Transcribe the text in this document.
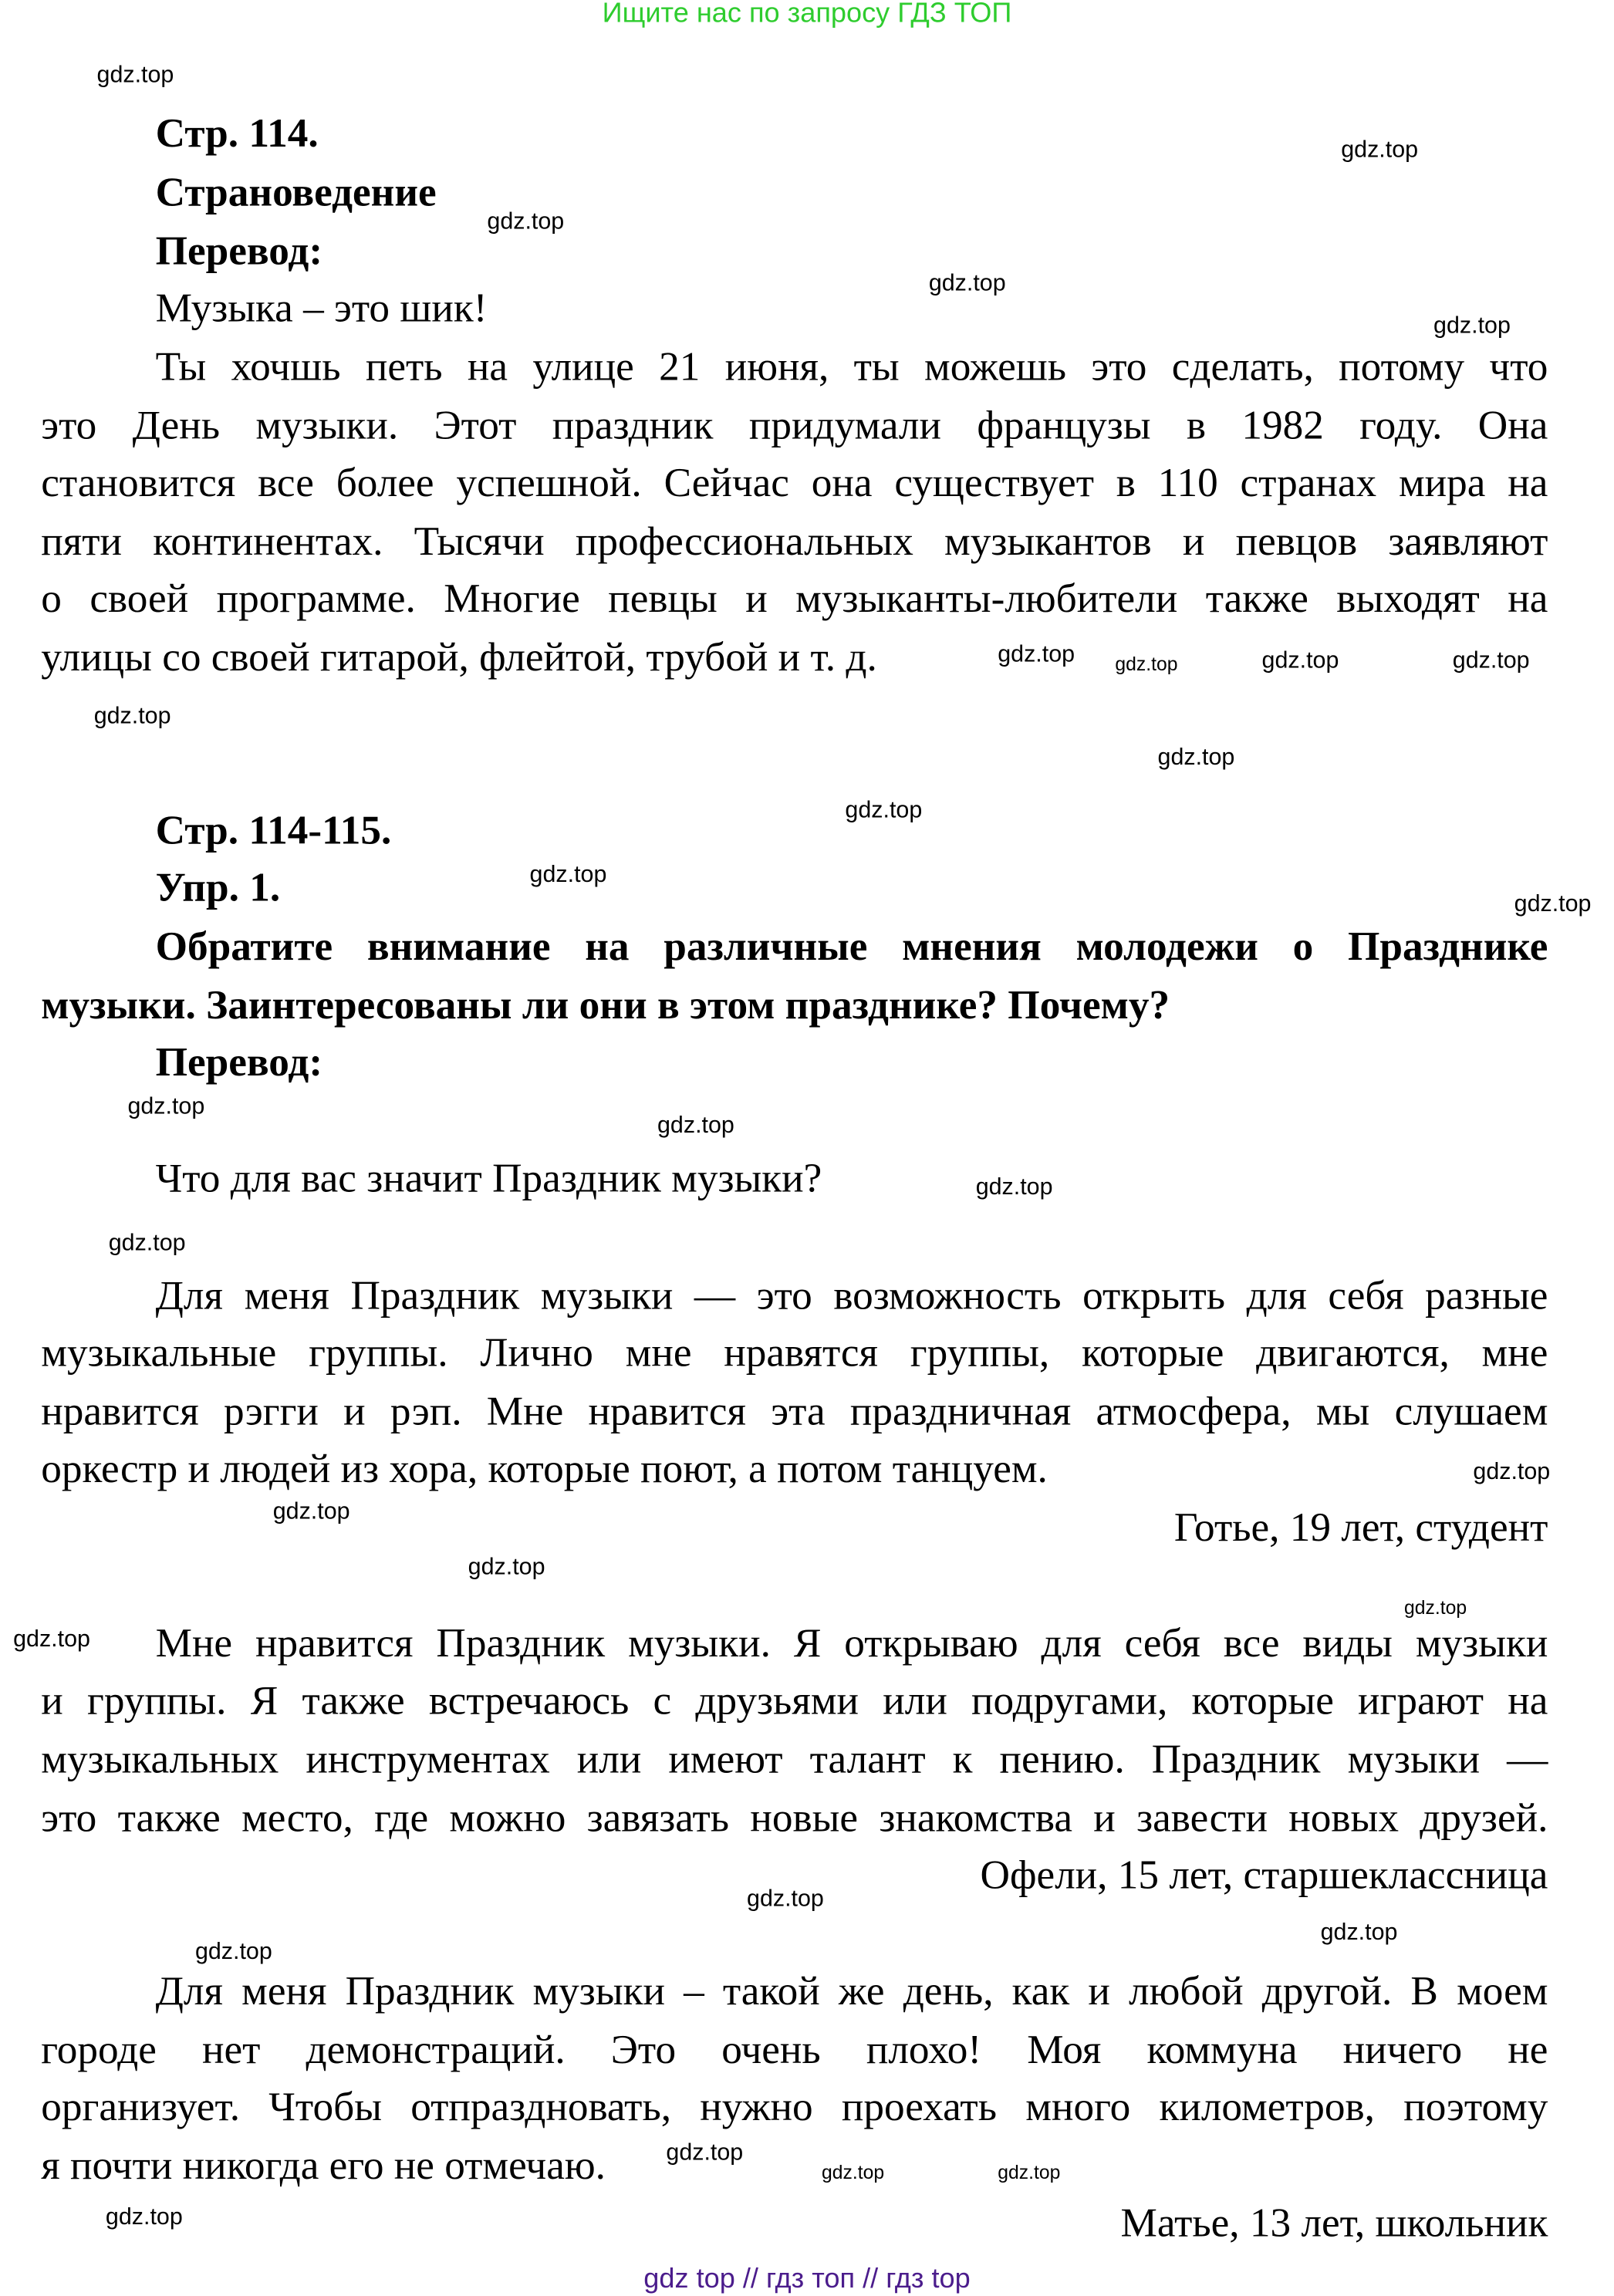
Ищите нас по запросу ГДЗ ТОП
Стр. 114.
Страноведение
Перевод:
Музыка – это шик!
Ты хочшь петь на улице 21 июня, ты можешь это сделать, потому что
это День музыки. Этот праздник придумали французы в 1982 году. Она
становится все более успешной. Сейчас она существует в 110 странах мира на
пяти континентах. Тысячи профессиональных музыкантов и певцов заявляют
о своей программе. Многие певцы и музыканты-любители также выходят на
улицы со своей гитарой, флейтой, трубой и т. д.
Стр. 114-115.
Упр. 1.
Обратите внимание на различные мнения молодежи о Празднике
музыки. Заинтересованы ли они в этом празднике? Почему?
Перевод:
Что для вас значит Праздник музыки?
Для меня Праздник музыки — это возможность открыть для себя разные
музыкальные группы. Лично мне нравятся группы, которые двигаются, мне
нравится рэгги и рэп. Мне нравится эта праздничная атмосфера, мы слушаем
оркестр и людей из хора, которые поют, а потом танцуем.
Готье, 19 лет, студент
Мне нравится Праздник музыки. Я открываю для себя все виды музыки
и группы. Я также встречаюсь с друзьями или подругами, которые играют на
музыкальных инструментах или имеют талант к пению. Праздник музыки —
это также место, где можно завязать новые знакомства и завести новых друзей.
Офели, 15 лет, старшеклассница
Для меня Праздник музыки – такой же день, как и любой другой. В моем
городе нет демонстраций. Это очень плохо! Моя коммуна ничего не
организует. Чтобы отпраздновать, нужно проехать много километров, поэтому
я почти никогда его не отмечаю.
Матье, 13 лет, школьник
gdz.top
gdz.top
gdz.top
gdz.top
gdz.top
gdz.top	gdz.top	gdz.top
gdz.top
gdz.top
gdz.top
gdz.top
gdz.top
gdz.top
gdz.top
gdz.top
gdz.top
gdz.top
gdz.top
gdz.top
gdz.top
gdz.top
gdz.top
gdz.top
gdz.top
gdz.top
gdz.top	gdz.top
gdz.top
gdz.top
gdz top // гдз топ // гдз top
